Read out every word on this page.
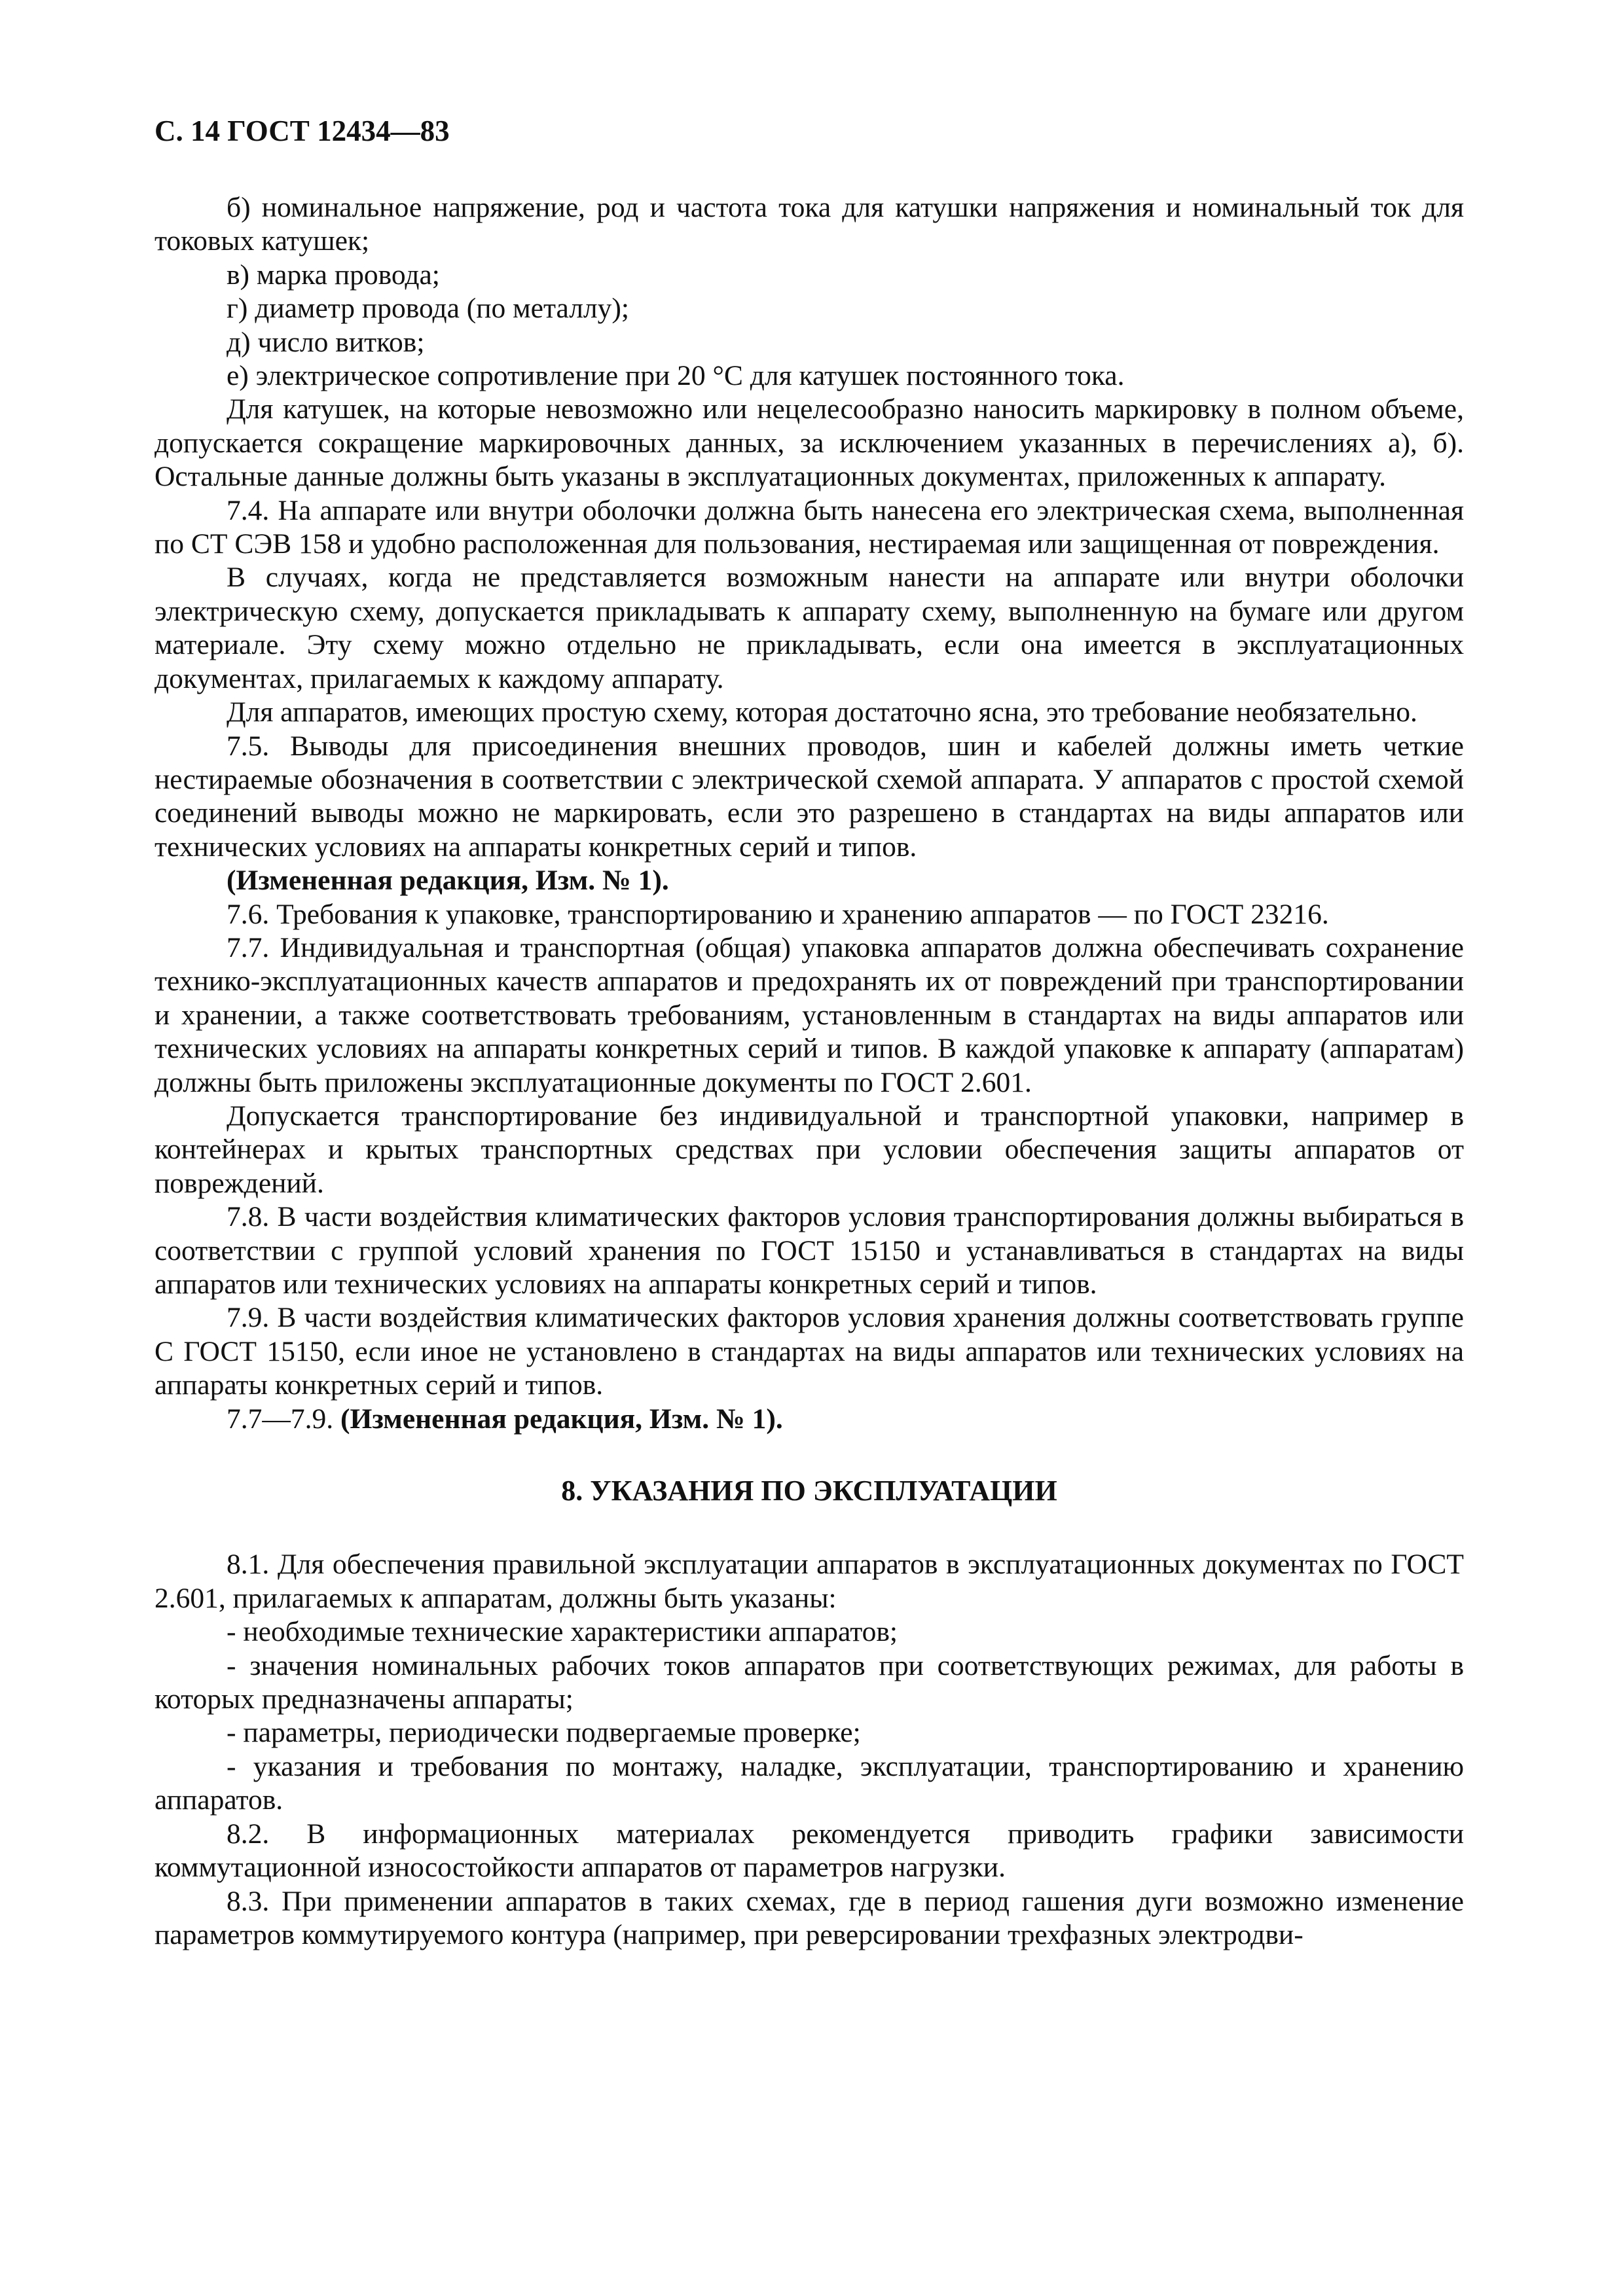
С. 14 ГОСТ 12434—83

б) номинальное напряжение, род и частота тока для катушки напряжения и номинальный ток для токовых катушек;

в) марка провода;

г) диаметр провода (по металлу);

д) число витков;

е) электрическое сопротивление при 20 °С для катушек постоянного тока.

Для катушек, на которые невозможно или нецелесообразно наносить маркировку в полном объеме, допускается сокращение маркировочных данных, за исключением указанных в перечислениях а), б). Остальные данные должны быть указаны в эксплуатационных документах, приложенных к аппарату.

7.4. На аппарате или внутри оболочки должна быть нанесена его электрическая схема, выполненная по СТ СЭВ 158 и удобно расположенная для пользования, нестираемая или защищенная от повреждения.

В случаях, когда не представляется возможным нанести на аппарате или внутри оболочки электрическую схему, допускается прикладывать к аппарату схему, выполненную на бумаге или другом материале. Эту схему можно отдельно не прикладывать, если она имеется в эксплуатационных документах, прилагаемых к каждому аппарату.

Для аппаратов, имеющих простую схему, которая достаточно ясна, это требование необязательно.

7.5. Выводы для присоединения внешних проводов, шин и кабелей должны иметь четкие нестираемые обозначения в соответствии с электрической схемой аппарата. У аппаратов с простой схемой соединений выводы можно не маркировать, если это разрешено в стандартах на виды аппаратов или технических условиях на аппараты конкретных серий и типов.

(Измененная редакция, Изм. № 1).

7.6. Требования к упаковке, транспортированию и хранению аппаратов — по ГОСТ 23216.

7.7. Индивидуальная и транспортная (общая) упаковка аппаратов должна обеспечивать сохранение технико-эксплуатационных качеств аппаратов и предохранять их от повреждений при транспортировании и хранении, а также соответствовать требованиям, установленным в стандартах на виды аппаратов или технических условиях на аппараты конкретных серий и типов. В каждой упаковке к аппарату (аппаратам) должны быть приложены эксплуатационные документы по ГОСТ 2.601.

Допускается транспортирование без индивидуальной и транспортной упаковки, например в контейнерах и крытых транспортных средствах при условии обеспечения защиты аппаратов от повреждений.

7.8. В части воздействия климатических факторов условия транспортирования должны выбираться в соответствии с группой условий хранения по ГОСТ 15150 и устанавливаться в стандартах на виды аппаратов или технических условиях на аппараты конкретных серий и типов.

7.9. В части воздействия климатических факторов условия хранения должны соответствовать группе С ГОСТ 15150, если иное не установлено в стандартах на виды аппаратов или технических условиях на аппараты конкретных серий и типов.

7.7—7.9. (Измененная редакция, Изм. № 1).

8. УКАЗАНИЯ ПО ЭКСПЛУАТАЦИИ

8.1. Для обеспечения правильной эксплуатации аппаратов в эксплуатационных документах по ГОСТ 2.601, прилагаемых к аппаратам, должны быть указаны:

- необходимые технические характеристики аппаратов;

- значения номинальных рабочих токов аппаратов при соответствующих режимах, для работы в которых предназначены аппараты;

- параметры, периодически подвергаемые проверке;

- указания и требования по монтажу, наладке, эксплуатации, транспортированию и хранению аппаратов.

8.2. В информационных материалах рекомендуется приводить графики зависимости коммутационной износостойкости аппаратов от параметров нагрузки.

8.3. При применении аппаратов в таких схемах, где в период гашения дуги возможно изменение параметров коммутируемого контура (например, при реверсировании трехфазных электродви-
